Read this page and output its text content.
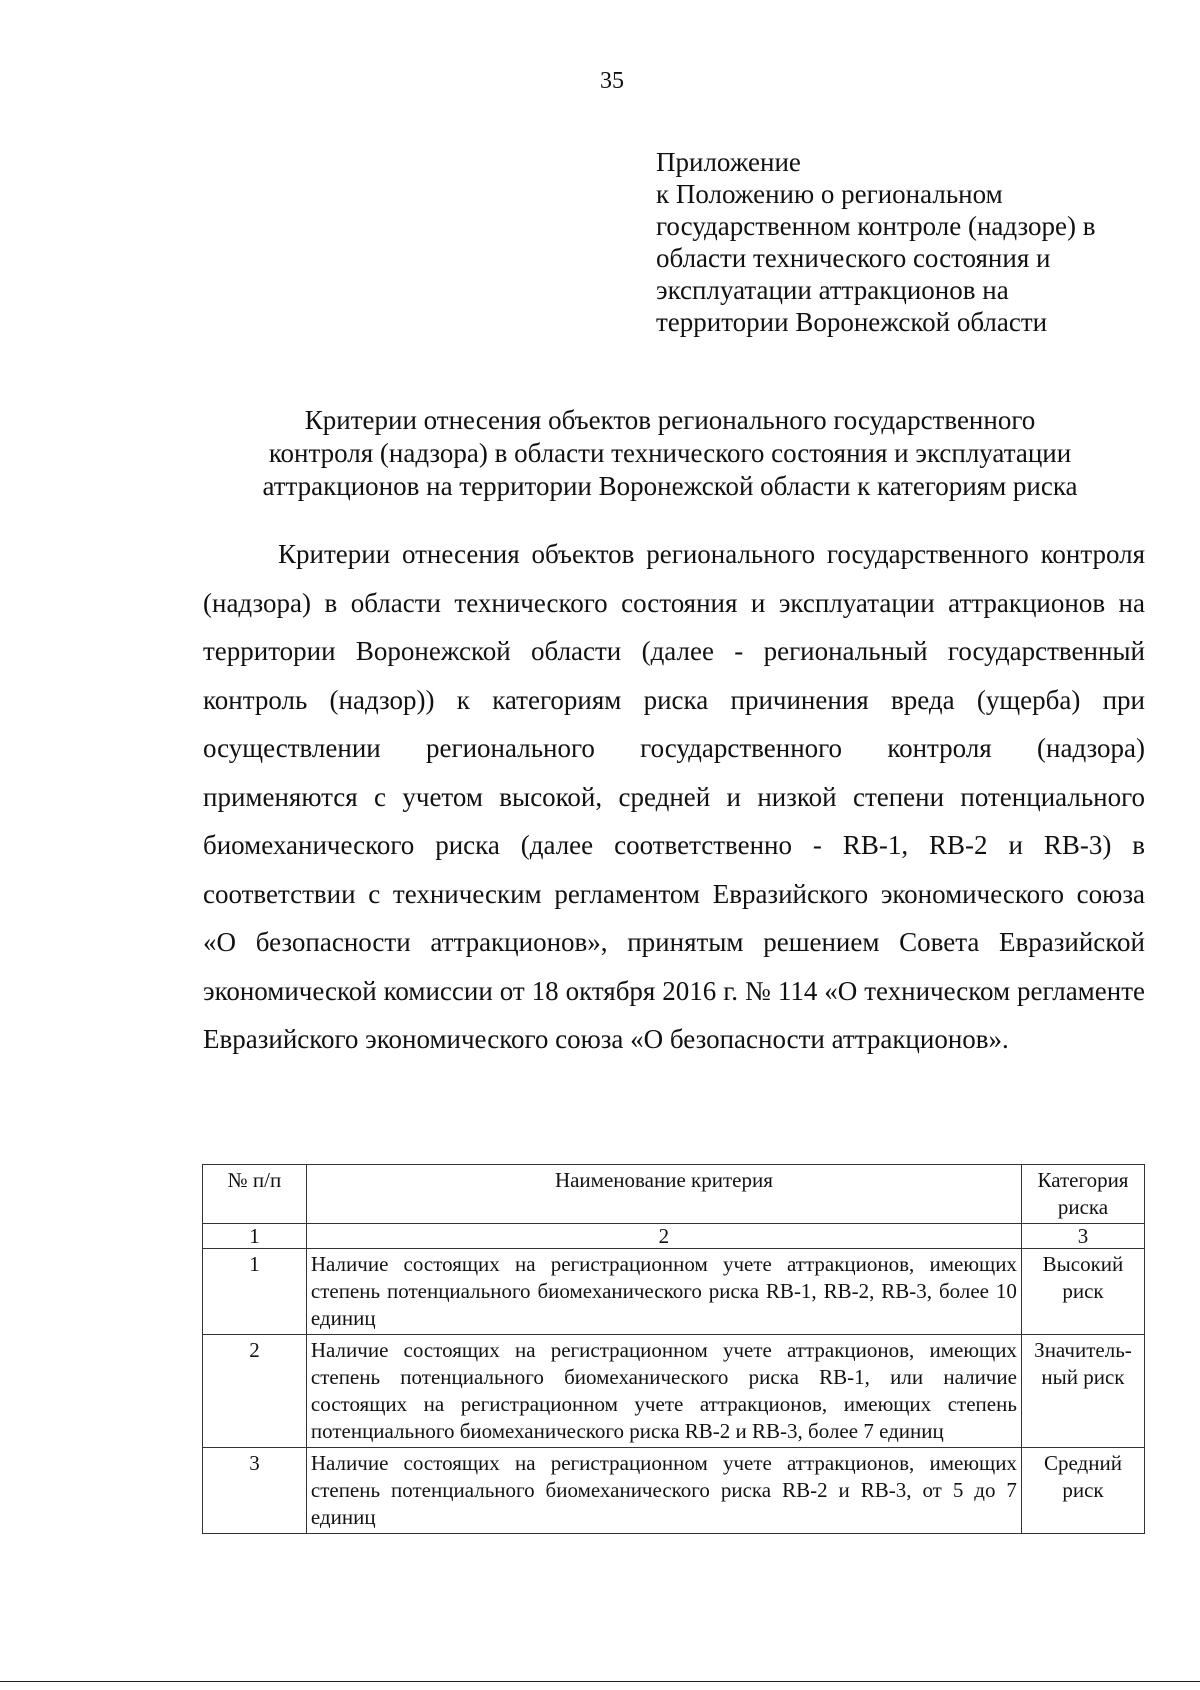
35
Приложение
к Положению о региональном
государственном контроле (надзоре) в
области технического состояния и
эксплуатации аттракционов на
территории Воронежской области
Критерии отнесения объектов регионального государственного
контроля (надзора) в области технического состояния и эксплуатации
аттракционов на территории Воронежской области к категориям риска

Критерии отнесения объектов регионального государственного контроля (надзора) в области технического состояния и эксплуатации аттракционов на территории Воронежской области (далее - региональный государственный контроль (надзор)) к категориям риска причинения вреда (ущерба) при осуществлении регионального государственного контроля (надзора) применяются с учетом высокой, средней и низкой степени потенциального биомеханического риска (далее соответственно - RB-1, RB-2 и RB-3) в соответствии с техническим регламентом Евразийского экономического союза «О безопасности аттракционов», принятым решением Совета Евразийской экономической комиссии от 18 октября 2016 г. № 114 «О техническом регламенте Евразийского экономического союза «О безопасности аттракционов».

№ п/п	Наименование критерия	Категория риска
1	2	3
1	Наличие состоящих на регистрационном учете аттракционов, имеющих степень потенциального биомеханического риска RB-1, RB-2, RB-3, более 10 единиц	Высокий риск
2	Наличие состоящих на регистрационном учете аттракционов, имеющих степень потенциального биомеханического риска RB-1, или наличие состоящих на регистрационном учете аттракционов, имеющих степень потенциального биомеханического риска RB-2 и RB-3, более 7 единиц	Значитель-ный риск
3	Наличие состоящих на регистрационном учете аттракционов, имеющих степень потенциального биомеханического риска RB-2 и RB-3, от 5 до 7 единиц	Средний риск
